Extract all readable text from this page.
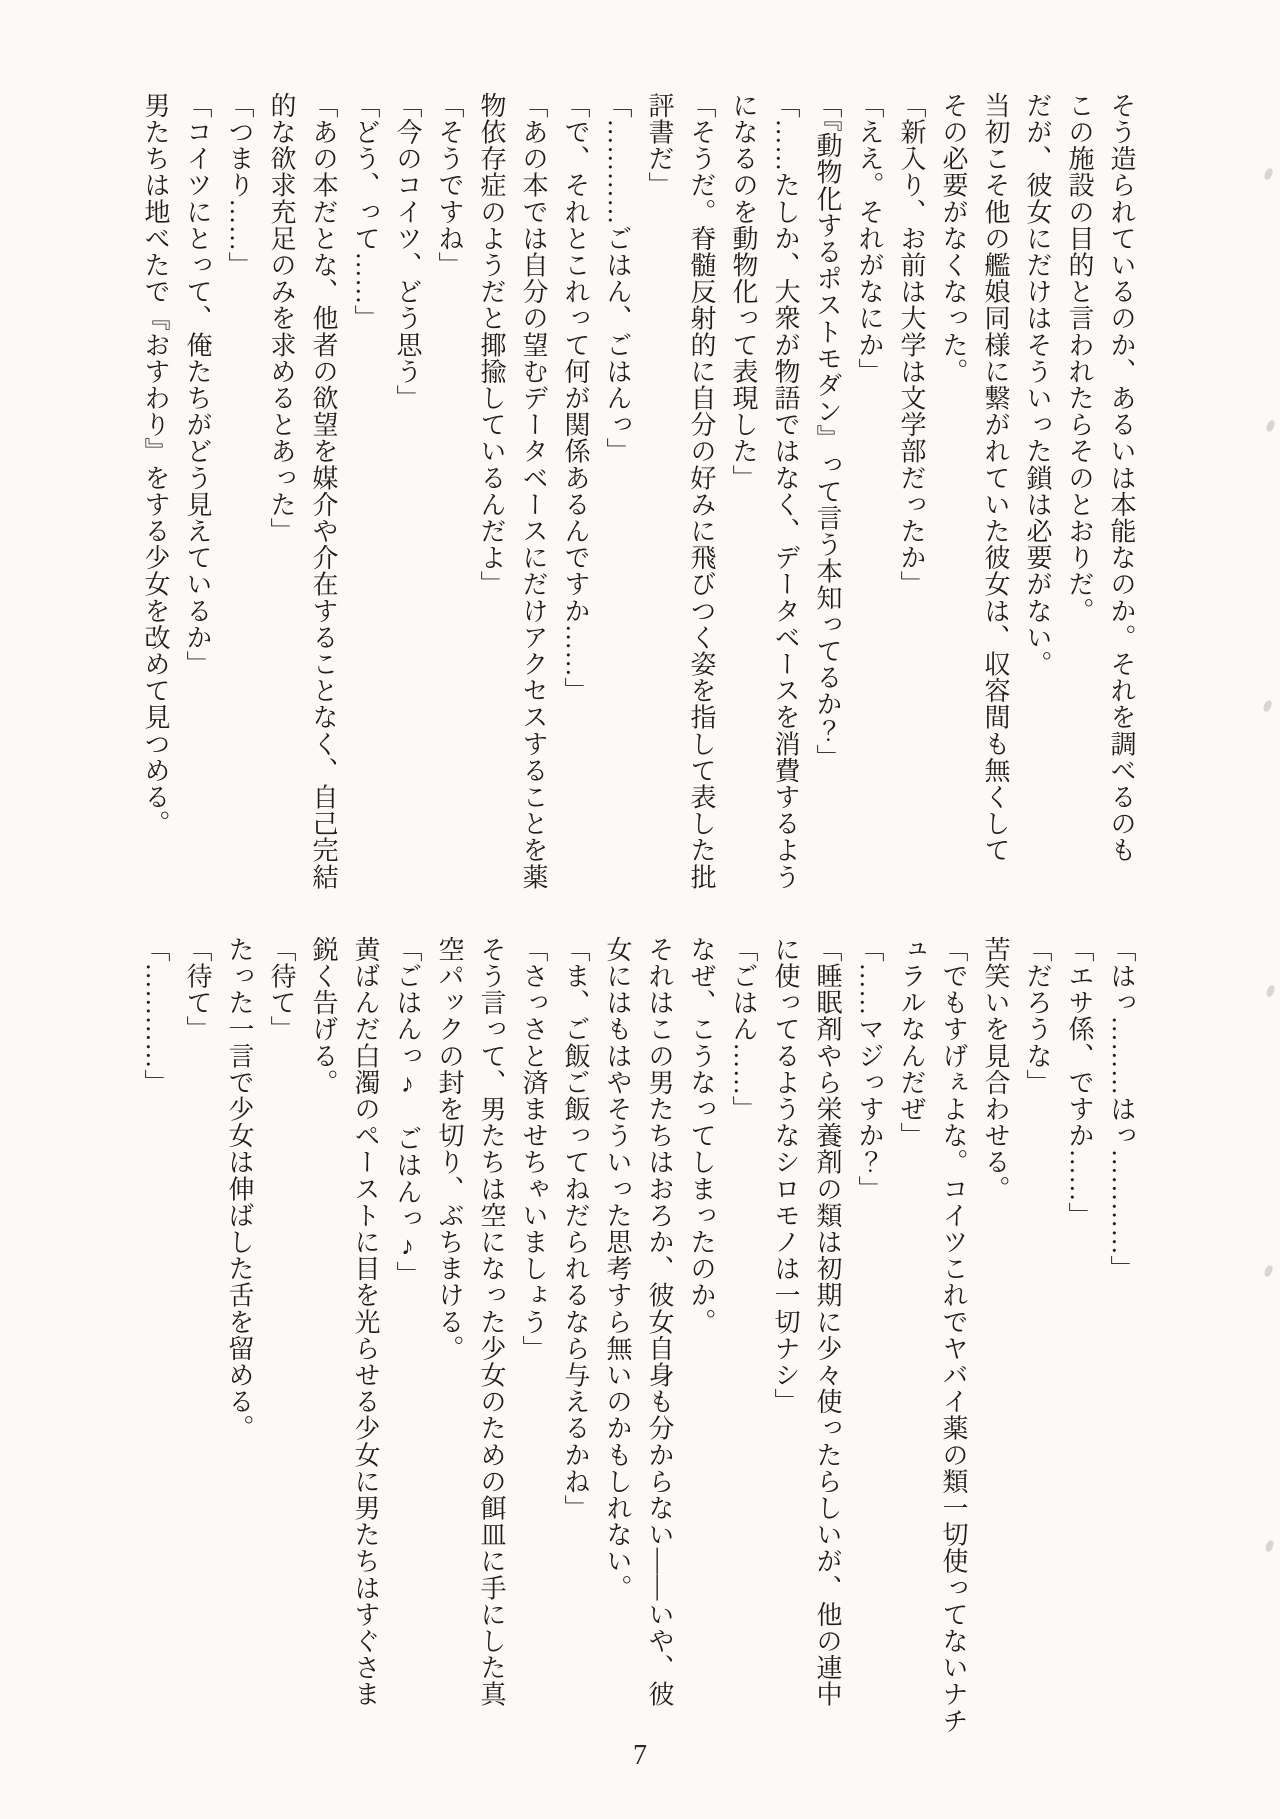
そう造られているのか、あるいは本能なのか。それを調べるのも
この施設の目的と言われたらそのとおりだ。
だが、彼女にだけはそういった鎖は必要がない。
当初こそ他の艦娘同様に繋がれていた彼女は、収容間も無くして
その必要がなくなった。
「新入り、お前は大学は文学部だったか」
「ええ。それがなにか」
「『動物化するポストモダン』って言う本知ってるか？」
「……たしか、大衆が物語ではなく、データベースを消費するよう
になるのを動物化って表現した」
「そうだ。脊髄反射的に自分の好みに飛びつく姿を指して表した批
評書だ」
「…………ごはん、ごはんっ」
「で、それとこれって何が関係あるんですか……」
「あの本では自分の望むデータベースにだけアクセスすることを薬
物依存症のようだと揶揄しているんだよ」
「そうですね」
「今のコイツ、どう思う」
「どう、って……」
「あの本だとな、他者の欲望を媒介や介在することなく、自己完結
的な欲求充足のみを求めるとあった」
「つまり……」
「コイツにとって、俺たちがどう見えているか」
男たちは地べたで『おすわり』をする少女を改めて見つめる。
「はっ………はっ…………」
「エサ係、ですか……」
「だろうな」
苦笑いを見合わせる。
「でもすげぇよな。コイツこれでヤバイ薬の類一切使ってないナチ
ュラルなんだぜ」
「……マジっすか？」
「睡眠剤やら栄養剤の類は初期に少々使ったらしいが、他の連中
に使ってるようなシロモノは一切ナシ」
「ごはん……」
なぜ、こうなってしまったのか。
それはこの男たちはおろか、彼女自身も分からない――いや、彼
女にはもはやそういった思考すら無いのかもしれない。
「ま、ご飯ご飯ってねだられるなら与えるかね」
「さっさと済ませちゃいましょう」
そう言って、男たちは空になった少女のための餌皿に手にした真
空パックの封を切り、ぶちまける。
「ごはんっ♪　ごはんっ♪」
黄ばんだ白濁のペーストに目を光らせる少女に男たちはすぐさま
鋭く告げる。
「待て」
たった一言で少女は伸ばした舌を留める。
「待て」
「…………」
7
